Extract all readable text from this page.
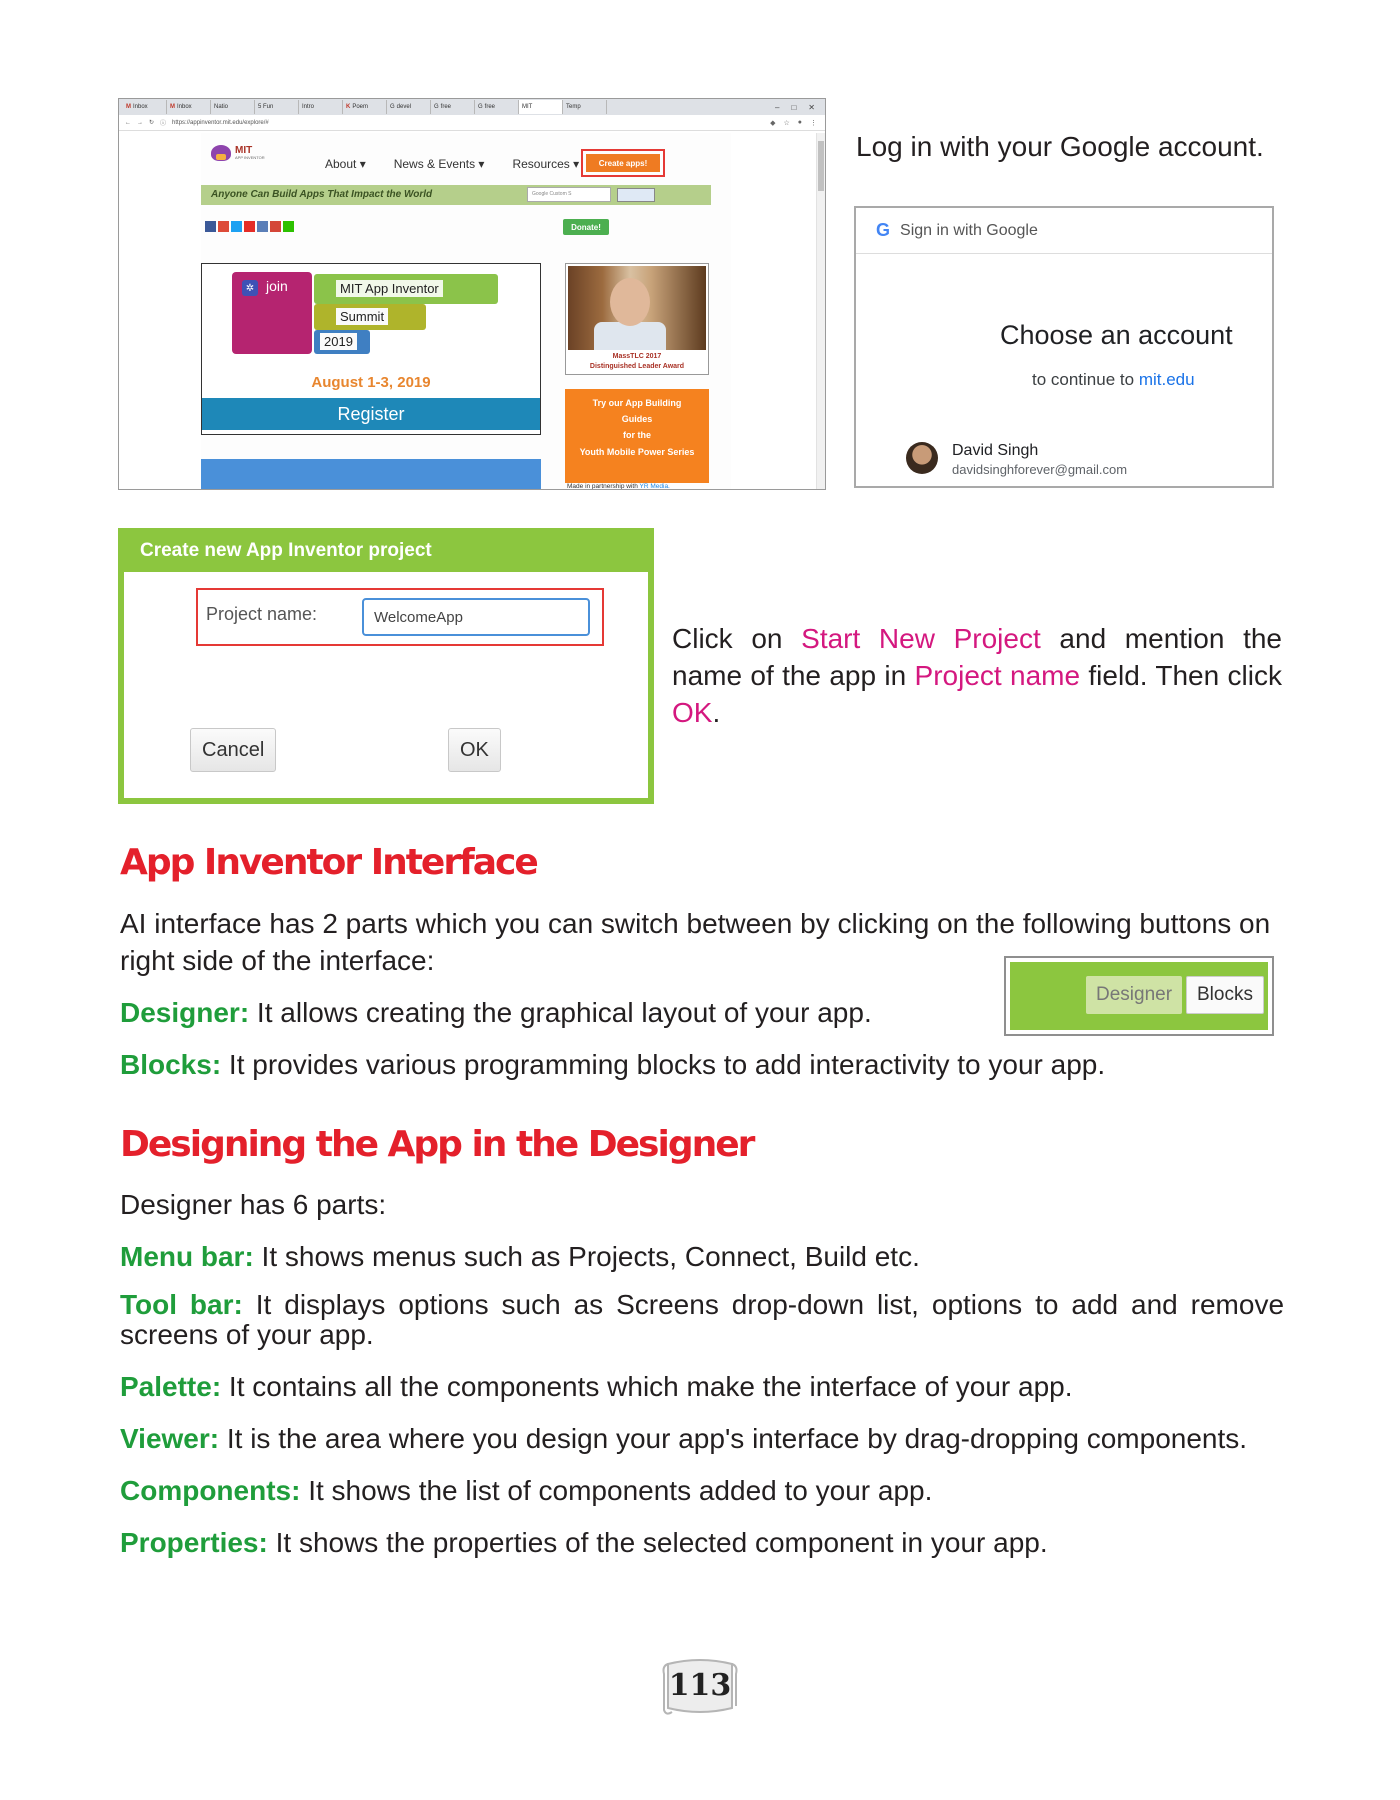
M Inbox	M Inbox	Natio	5 Fun	Intro	K Poem	G devel	G free	G free	MIT	Temp	– □ ✕
← → ↻ ⓘ https://appinventor.mit.edu/explore/#	◆ ☆ ● ⋮
MIT
APP INVENTOR	About ▾ News & Events ▾ Resources ▾	Create apps!
Anyone Can Build Apps That Impact the World	Google Custom S
Donate!
✲ join	MIT App Inventor
Summit
2019
August 1-3, 2019
Register
MassTLC 2017
Distinguished Leader Award
Try our App Building
Guides
for the
Youth Mobile Power Series
Made in partnership with YR Media.
Log in with your Google account.
G Sign in with Google
Choose an account
to continue to mit.edu
David Singh
davidsinghforever@gmail.com
Create new App Inventor project
Project name:	WelcomeApp
Cancel	OK
Click on Start New Project and mention the name of the app in Project name field. Then click OK.
App Inventor Interface
AI interface has 2 parts which you can switch between by clicking on the following buttons on right side of the interface:
Designer	Blocks
Designer: It allows creating the graphical layout of your app.
Blocks: It provides various programming blocks to add interactivity to your app.
Designing the App in the Designer
Designer has 6 parts:
Menu bar: It shows menus such as Projects, Connect, Build etc.
Tool bar: It displays options such as Screens drop-down list, options to add and remove screens of your app.
Palette: It contains all the components which make the interface of your app.
Viewer: It is the area where you design your app's interface by drag-dropping components.
Components: It shows the list of components added to your app.
Properties: It shows the properties of the selected component in your app.
113
